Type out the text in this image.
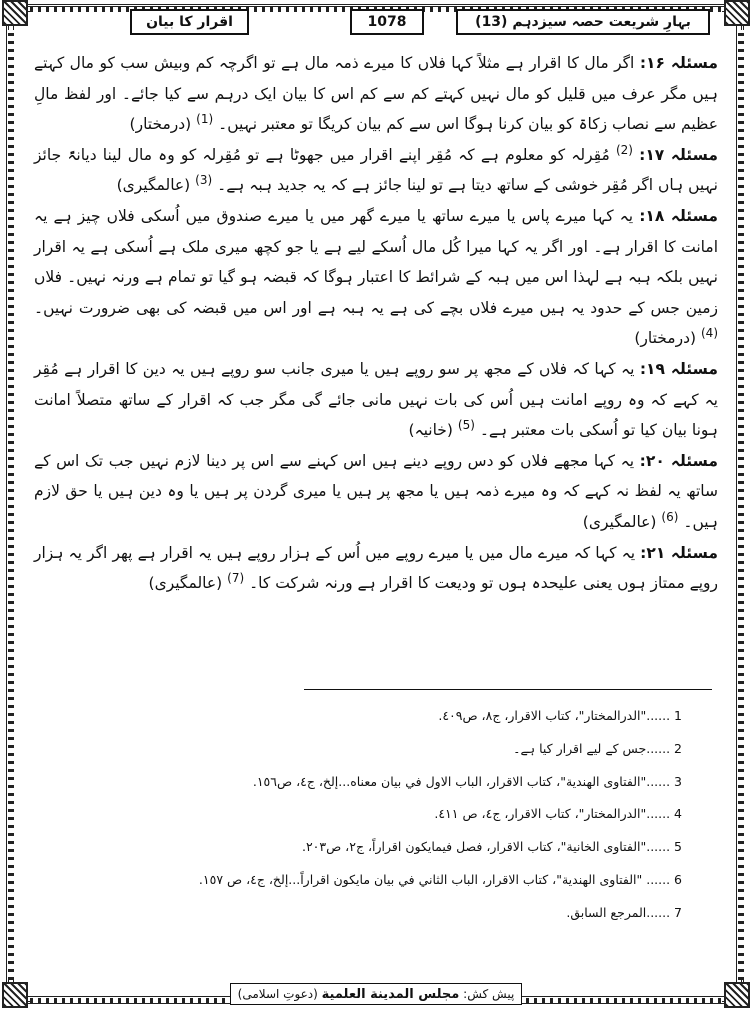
اقرار کا بیان	1078	بہارِ شریعت حصہ سیزدہم (13)

مسئلہ ۱۶: اگر مال کا اقرار ہے مثلاً کہا فلاں کا میرے ذمہ مال ہے تو اگرچہ کم وبیش سب کو مال کہتے ہیں مگر عرف میں قلیل کو مال نہیں کہتے کم سے کم اس کا بیان ایک درہم سے کیا جائے۔ اور لفظ مالِ عظیم سے نصاب زکاۃ کو بیان کرنا ہوگا اس سے کم بیان کریگا تو معتبر نہیں۔ $^{(1)}$ (درمختار)

مسئلہ ۱۷: $^{(2)}$ مُقِرلہ کو معلوم ہے کہ مُقِر اپنے اقرار میں جھوٹا ہے تو مُقِرلہ کو وہ مال لینا دیانۃً جائز نہیں ہاں اگر مُقِر خوشی کے ساتھ دیتا ہے تو لینا جائز ہے کہ یہ جدید ہبہ ہے۔ $^{(3)}$ (عالمگیری)

مسئلہ ۱۸: یہ کہا میرے پاس یا میرے ساتھ یا میرے گھر میں یا میرے صندوق میں اُسکی فلاں چیز ہے یہ امانت کا اقرار ہے۔ اور اگر یہ کہا میرا کُل مال اُسکے لیے ہے یا جو کچھ میری ملک ہے اُسکی ہے یہ اقرار نہیں بلکہ ہبہ ہے لہذا اس میں ہبہ کے شرائط کا اعتبار ہوگا کہ قبضہ ہو گیا تو تمام ہے ورنہ نہیں۔ فلاں زمین جس کے حدود یہ ہیں میرے فلاں بچے کی ہے یہ ہبہ ہے اور اس میں قبضہ کی بھی ضرورت نہیں۔ $^{(4)}$ (درمختار)

مسئلہ ۱۹: یہ کہا کہ فلاں کے مجھ پر سو روپے ہیں یا میری جانب سو روپے ہیں یہ دین کا اقرار ہے مُقِر یہ کہے کہ وہ روپے امانت ہیں اُس کی بات نہیں مانی جائے گی مگر جب کہ اقرار کے ساتھ متصلاً امانت ہونا بیان کیا تو اُسکی بات معتبر ہے۔ $^{(5)}$ (خانیہ)

مسئلہ ۲۰: یہ کہا مجھے فلاں کو دس روپے دینے ہیں اس کہنے سے اس پر دینا لازم نہیں جب تک اس کے ساتھ یہ لفظ نہ کہے کہ وہ میرے ذمہ ہیں یا مجھ پر ہیں یا میری گردن پر ہیں یا وہ دین ہیں یا حق لازم ہیں۔ $^{(6)}$ (عالمگیری)

مسئلہ ۲۱: یہ کہا کہ میرے مال میں یا میرے روپے میں اُس کے ہزار روپے ہیں یہ اقرار ہے پھر اگر یہ ہزار روپے ممتاز ہوں یعنی علیحدہ ہوں تو ودیعت کا اقرار ہے ورنہ شرکت کا۔ $^{(7)}$ (عالمگیری)

1 ......"الدرالمختار"، كتاب الاقرار، ج٨، ص٤٠٩.

2 ......جس کے لیے اقرار کیا ہے۔

3 ......"الفتاوى الهندية"، كتاب الاقرار، الباب الاول في بيان معناه...إلخ، ج٤، ص١٥٦.

4 ......"الدرالمختار"، كتاب الاقرار، ج٤، ص ٤١١.

5 ......"الفتاوى الخانية"، كتاب الاقرار، فصل فيمايكون اقراراً، ج٢، ص٢٠٣.

6 ...... "الفتاوى الهندية"، كتاب الاقرار، الباب الثاني في بيان مايكون اقراراً...إلخ، ج٤، ص ١٥٧.

7 ......المرجع السابق.

پیش کش: مجلس المدينة العلمية (دعوتِ اسلامی)
